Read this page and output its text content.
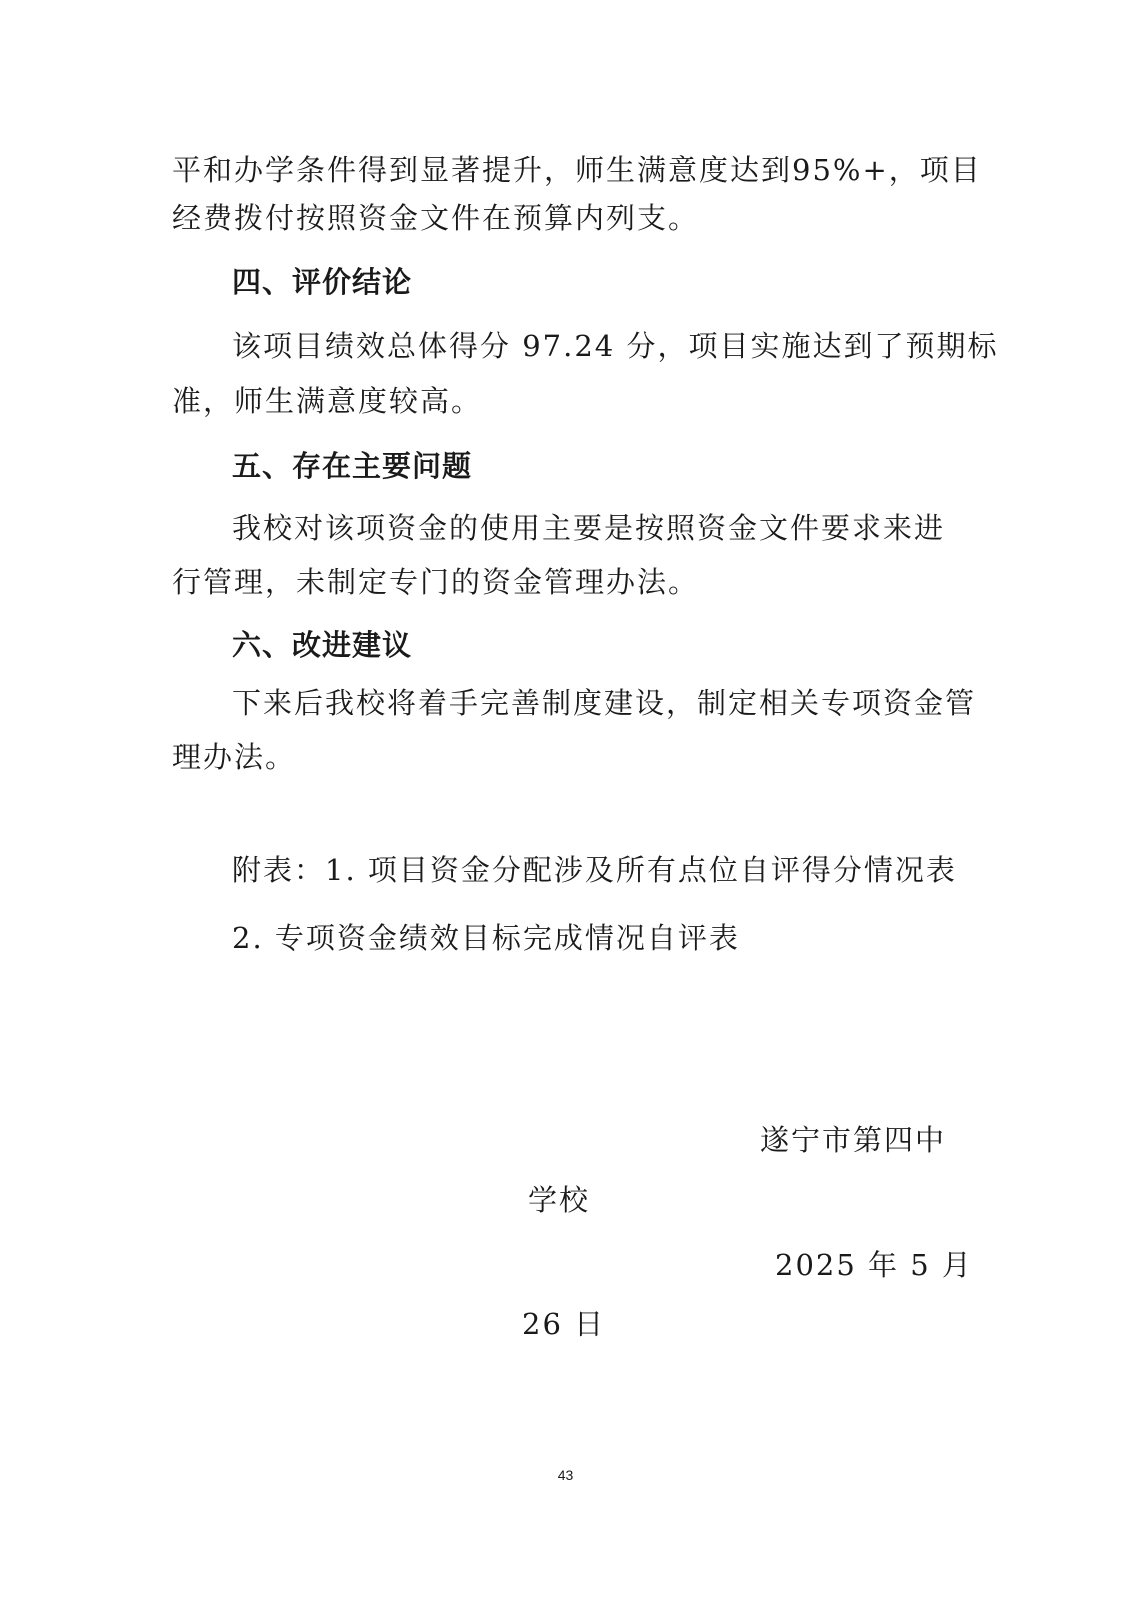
平和办学条件得到显著提升，师生满意度达到95%+，项目
经费拨付按照资金文件在预算内列支。
四、评价结论
该项目绩效总体得分 97.24 分，项目实施达到了预期标
准，师生满意度较高。
五、存在主要问题
我校对该项资金的使用主要是按照资金文件要求来进
行管理，未制定专门的资金管理办法。
六、改进建议
下来后我校将着手完善制度建设，制定相关专项资金管
理办法。
附表：1. 项目资金分配涉及所有点位自评得分情况表
2. 专项资金绩效目标完成情况自评表
遂宁市第四中
学校
2025 年 5 月
26 日
43
